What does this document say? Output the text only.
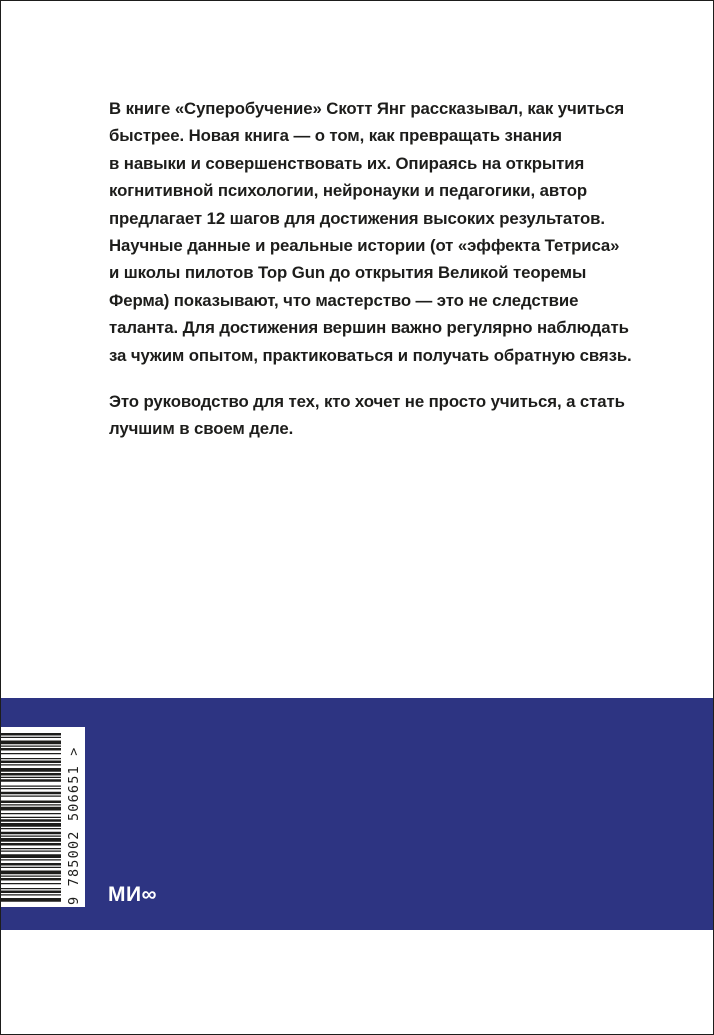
В книге «Суперобучение» Скотт Янг рассказывал, как учиться
быстрее. Новая книга — о том, как превращать знания
в навыки и совершенствовать их. Опираясь на открытия
когнитивной психологии, нейронауки и педагогики, автор
предлагает 12 шагов для достижения высоких результатов.
Научные данные и реальные истории (от «эффекта Тетриса»
и школы пилотов Top Gun до открытия Великой теоремы
Ферма) показывают, что мастерство — это не следствие
таланта. Для достижения вершин важно регулярно наблюдать
за чужим опытом, практиковаться и получать обратную связь.
Это руководство для тех, кто хочет не просто учиться, а стать
лучшим в своем деле.
9 785002 506651 > МИ∞
